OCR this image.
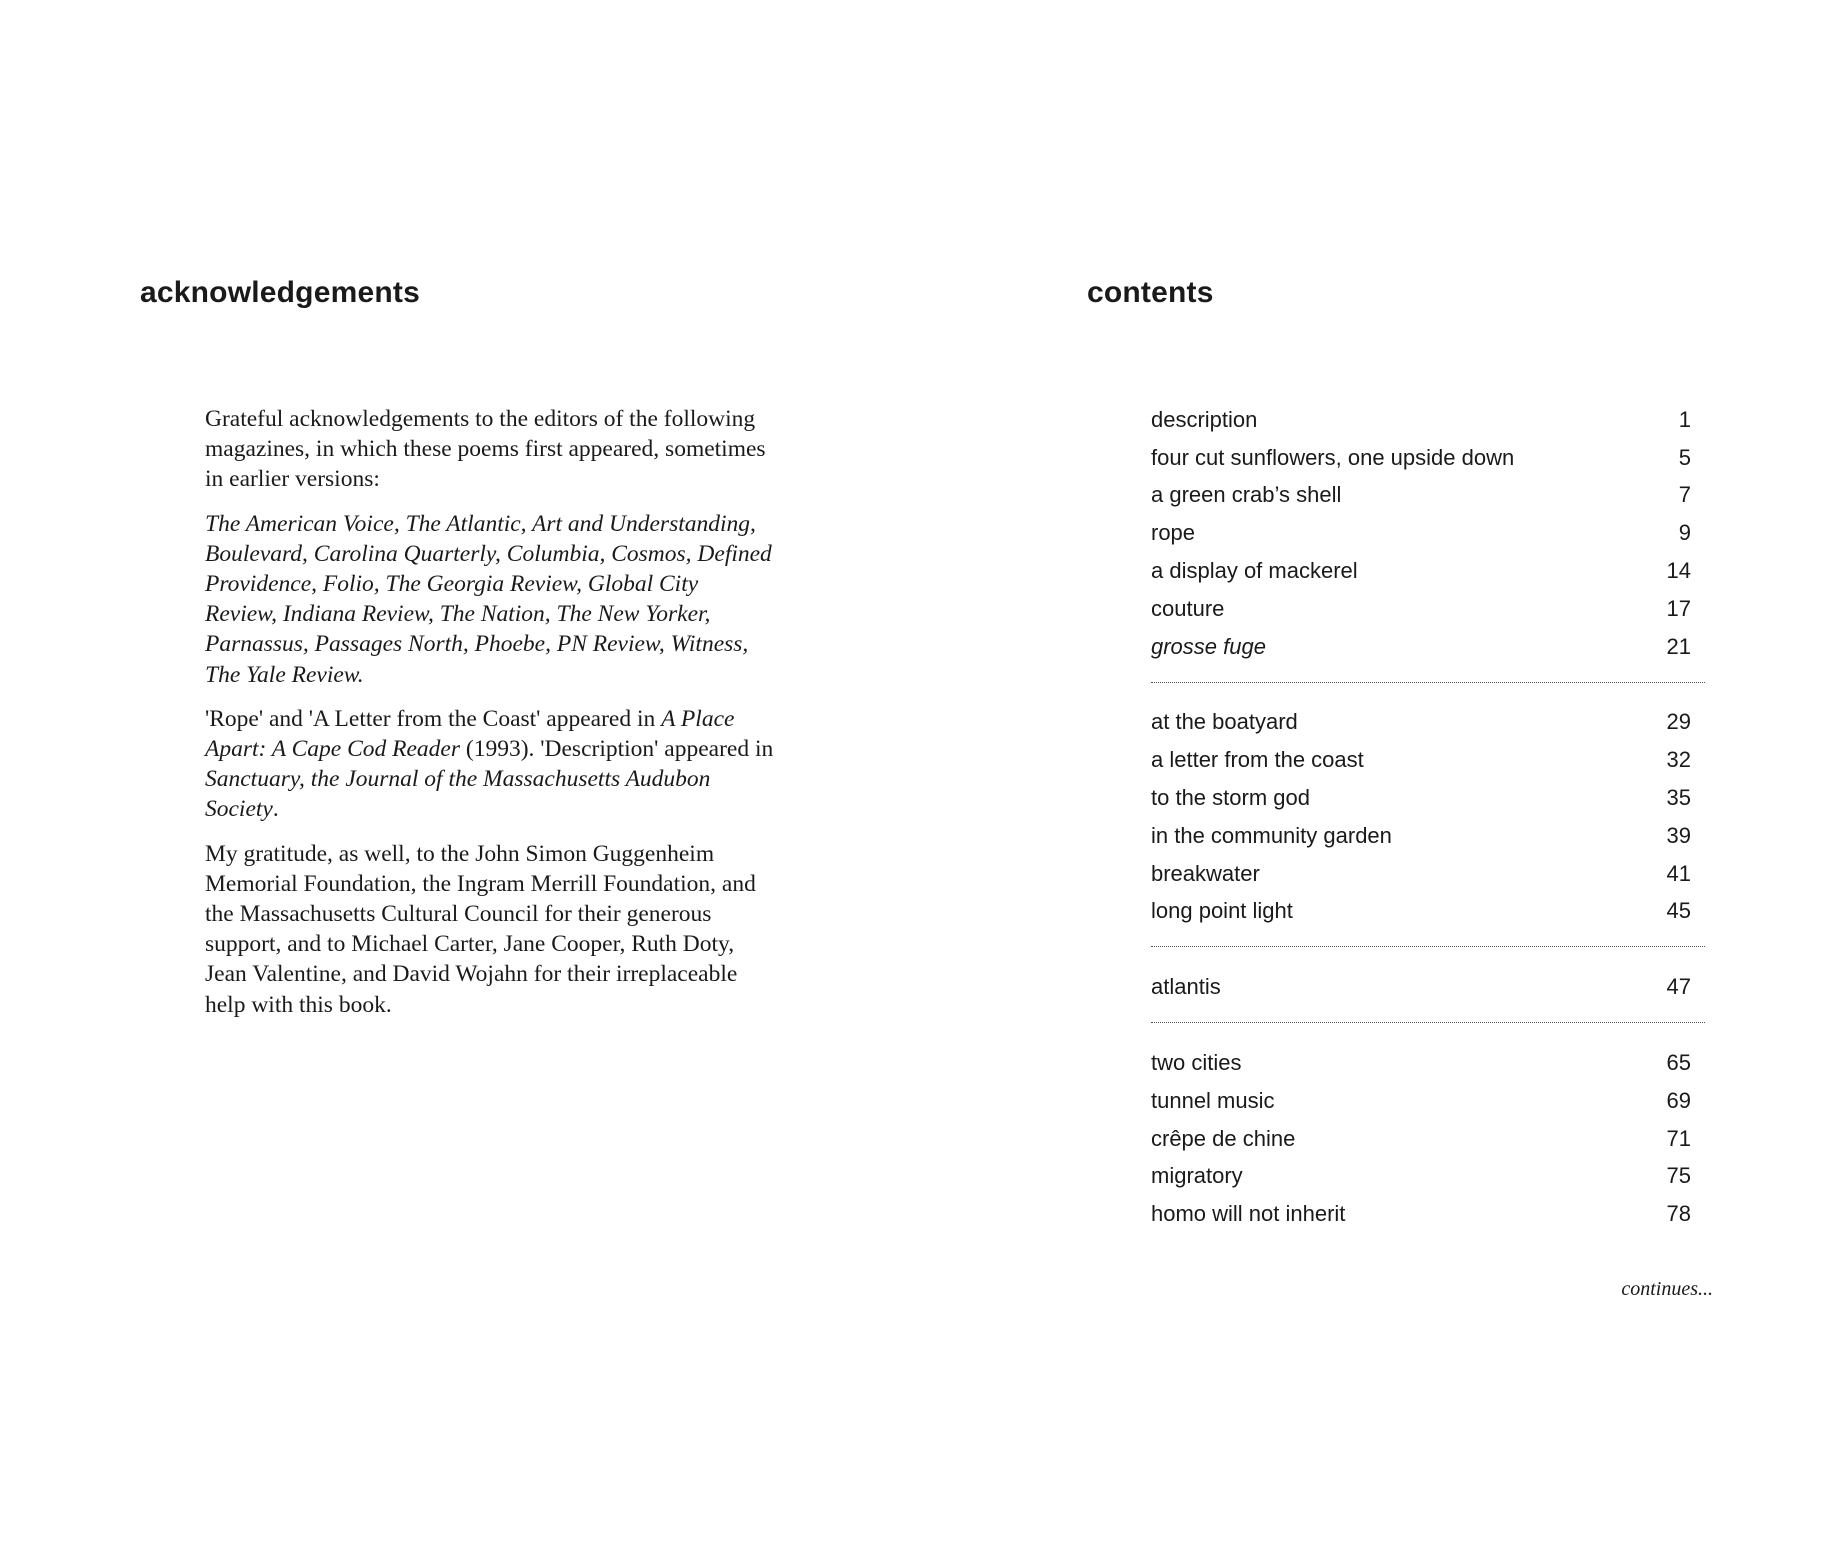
acknowledgements

Grateful acknowledgements to the editors of the following magazines, in which these poems first appeared, sometimes in earlier versions:

The American Voice, The Atlantic, Art and Understanding, Boulevard, Carolina Quarterly, Columbia, Cosmos, Defined Providence, Folio, The Georgia Review, Global City Review, Indiana Review, The Nation, The New Yorker, Parnassus, Passages North, Phoebe, PN Review, Witness, The Yale Review.

'Rope' and 'A Letter from the Coast' appeared in A Place Apart: A Cape Cod Reader (1993). 'Description' appeared in Sanctuary, the Journal of the Massachusetts Audubon Society.

My gratitude, as well, to the John Simon Guggenheim Memorial Foundation, the Ingram Merrill Foundation, and the Massachusetts Cultural Council for their generous support, and to Michael Carter, Jane Cooper, Ruth Doty, Jean Valentine, and David Wojahn for their irreplaceable help with this book.

contents
description	1
four cut sunflowers, one upside down	5
a green crab’s shell	7
rope	9
a display of mackerel	14
couture	17
grosse fuge	21
at the boatyard	29
a letter from the coast	32
to the storm god	35
in the community garden	39
breakwater	41
long point light	45
atlantis	47
two cities	65
tunnel music	69
crêpe de chine	71
migratory	75
homo will not inherit	78
continues...
